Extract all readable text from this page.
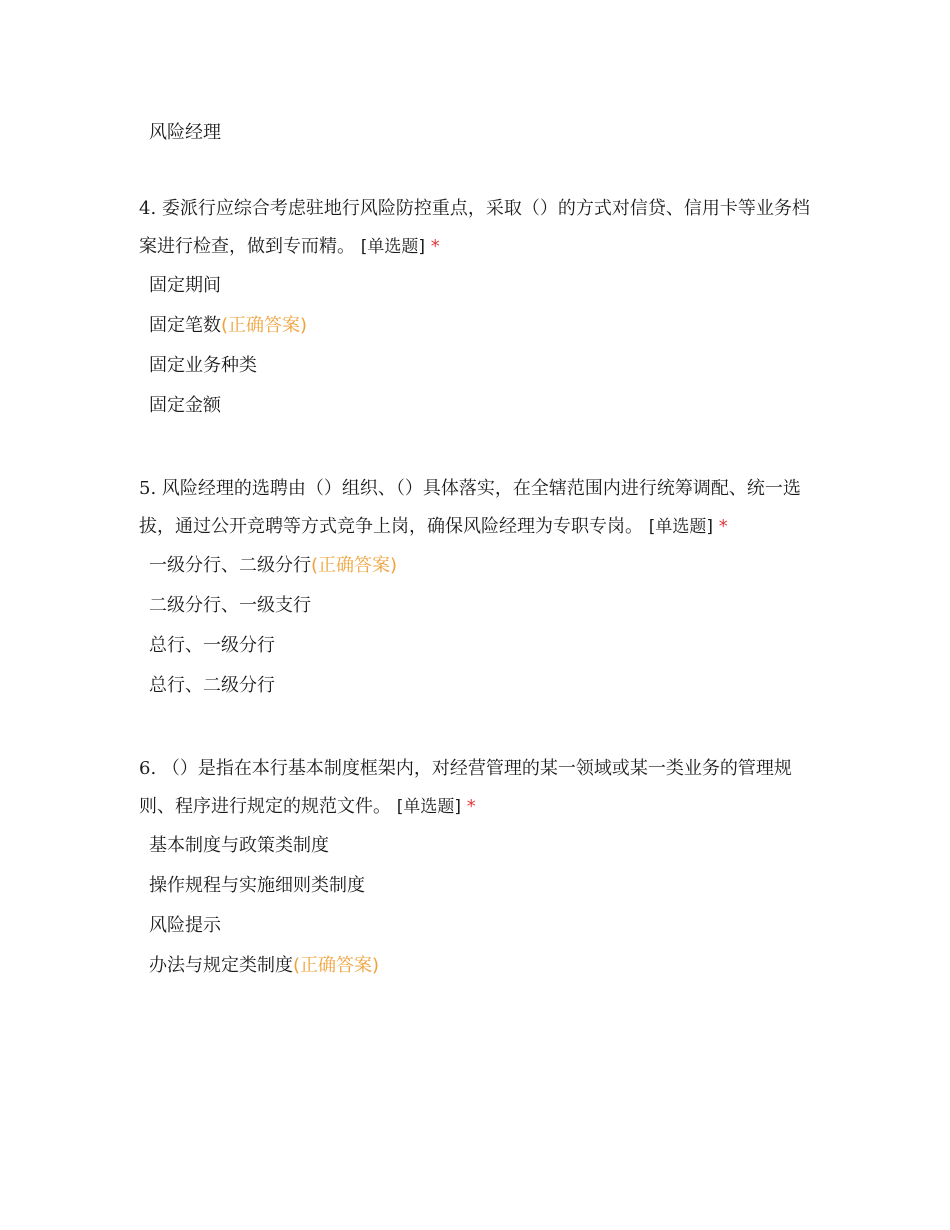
风险经理

4. 委派行应综合考虑驻地行风险防控重点，采取（）的方式对信贷、信用卡等业务档案进行检查，做到专而精。 [单选题] *

固定期间
固定笔数(正确答案)
固定业务种类
固定金额

5. 风险经理的选聘由（）组织、（）具体落实，在全辖范围内进行统筹调配、统一选拔，通过公开竞聘等方式竞争上岗，确保风险经理为专职专岗。 [单选题] *

一级分行、二级分行(正确答案)
二级分行、一级支行
总行、一级分行
总行、二级分行

6. （）是指在本行基本制度框架内，对经营管理的某一领域或某一类业务的管理规则、程序进行规定的规范文件。 [单选题] *

基本制度与政策类制度
操作规程与实施细则类制度
风险提示
办法与规定类制度(正确答案)
